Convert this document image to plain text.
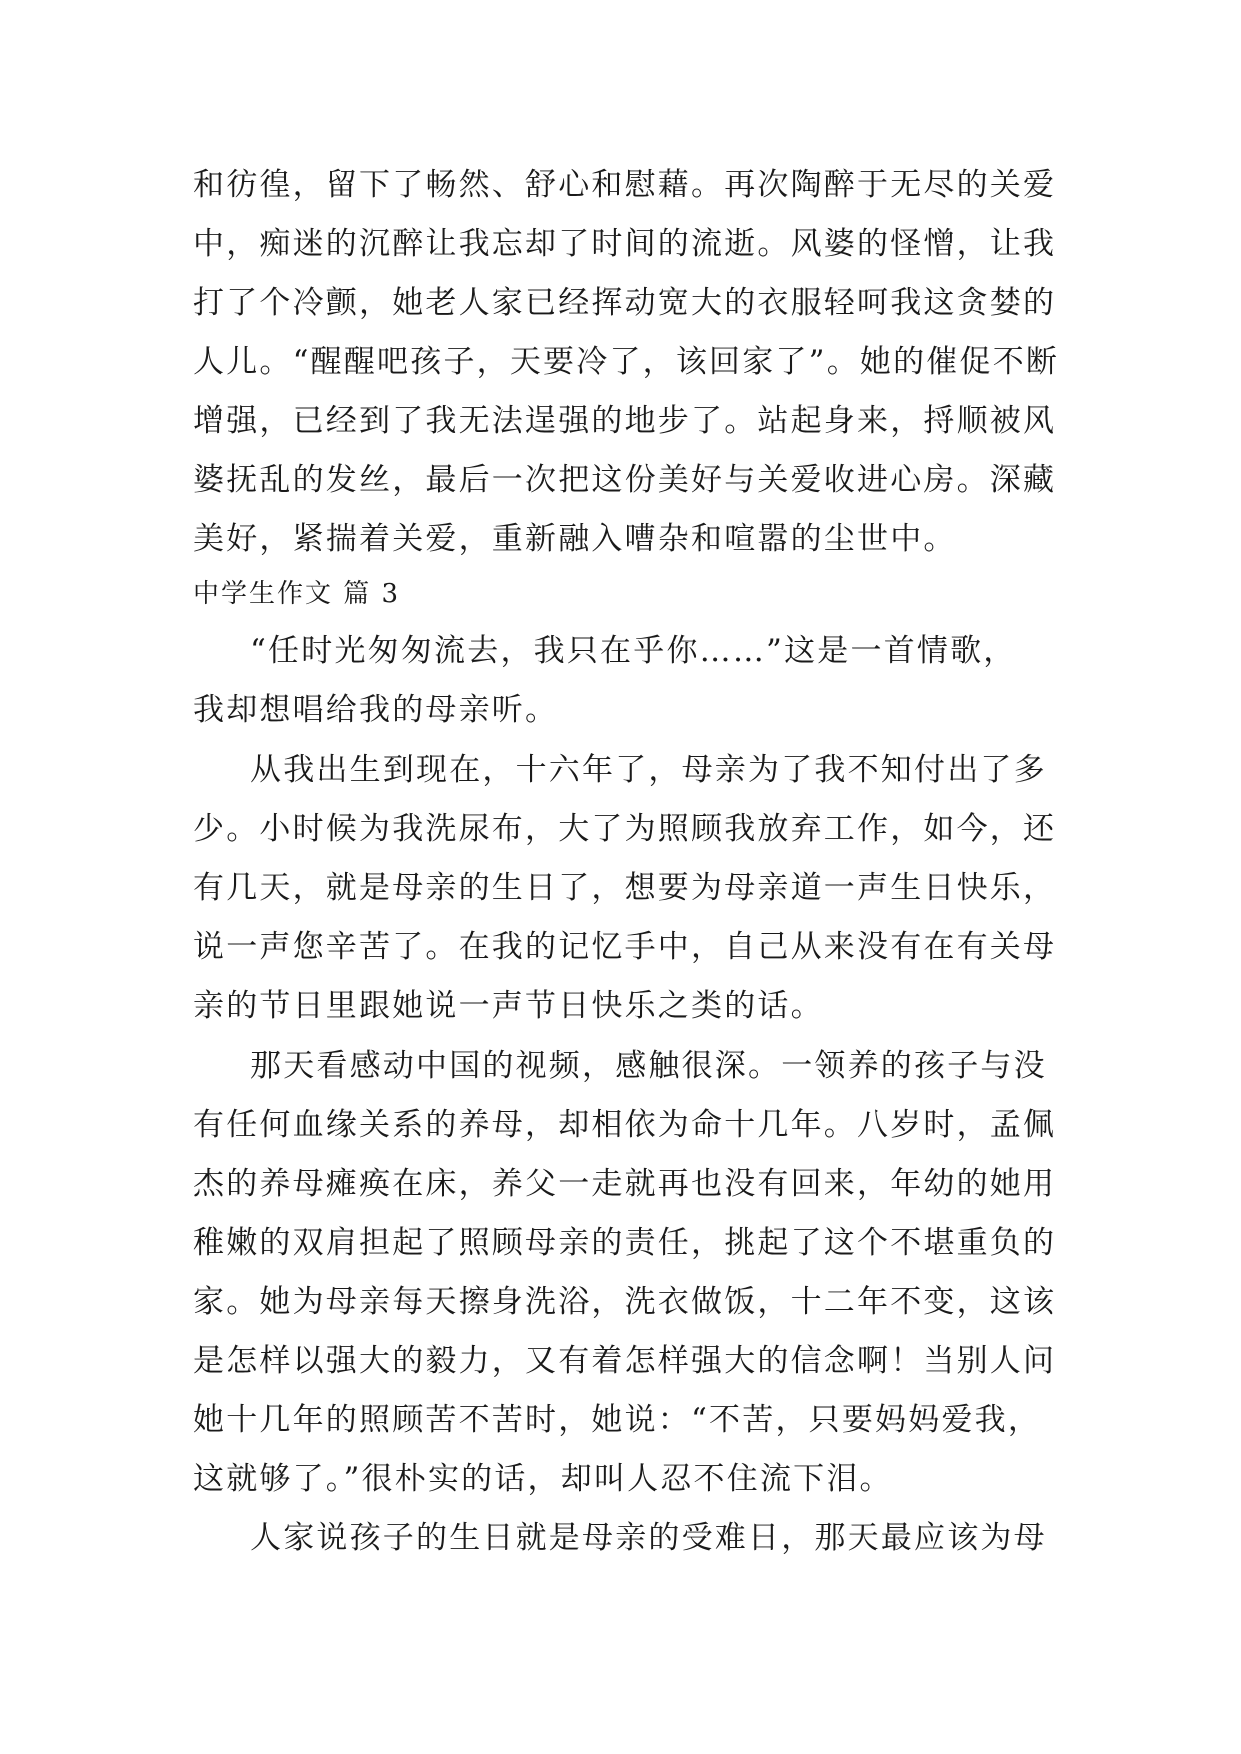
和彷徨，留下了畅然、舒心和慰藉。再次陶醉于无尽的关爱

中，痴迷的沉醉让我忘却了时间的流逝。风婆的怪憎，让我

打了个冷颤，她老人家已经挥动宽大的衣服轻呵我这贪婪的

人儿。“醒醒吧孩子，天要冷了，该回家了”。她的催促不断

增强，已经到了我无法逞强的地步了。站起身来，捋顺被风

婆抚乱的发丝，最后一次把这份美好与关爱收进心房。深藏

美好，紧揣着关爱，重新融入嘈杂和喧嚣的尘世中。

中学生作文 篇 3

“任时光匆匆流去，我只在乎你……”这是一首情歌，

我却想唱给我的母亲听。

从我出生到现在，十六年了，母亲为了我不知付出了多

少。小时候为我洗尿布，大了为照顾我放弃工作，如今，还

有几天，就是母亲的生日了，想要为母亲道一声生日快乐，

说一声您辛苦了。在我的记忆手中，自己从来没有在有关母

亲的节日里跟她说一声节日快乐之类的话。

那天看感动中国的视频，感触很深。一领养的孩子与没

有任何血缘关系的养母，却相依为命十几年。八岁时，孟佩

杰的养母瘫痪在床，养父一走就再也没有回来，年幼的她用

稚嫩的双肩担起了照顾母亲的责任，挑起了这个不堪重负的

家。她为母亲每天擦身洗浴，洗衣做饭，十二年不变，这该

是怎样以强大的毅力，又有着怎样强大的信念啊！当别人问

她十几年的照顾苦不苦时，她说：“不苦，只要妈妈爱我，

这就够了。”很朴实的话，却叫人忍不住流下泪。

人家说孩子的生日就是母亲的受难日，那天最应该为母
